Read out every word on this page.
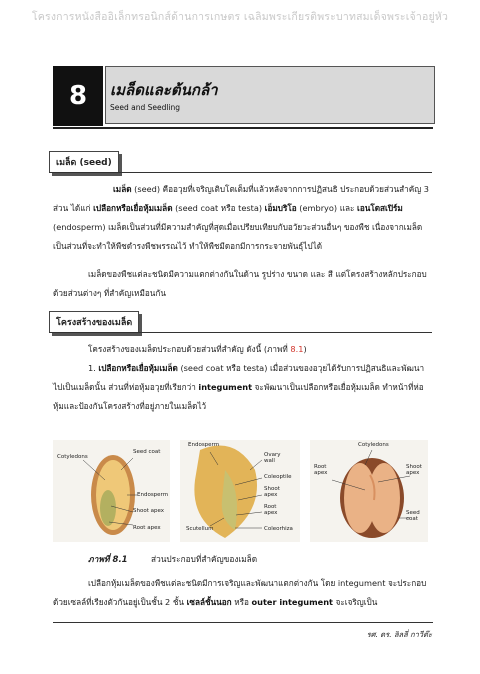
โครงการหนังสืออิเล็กทรอนิกส์ด้านการเกษตร เฉลิมพระเกียรติพระบาทสมเด็จพระเจ้าอยู่หัว
8	เมล็ดและต้นกล้า
Seed and Seedling
เมล็ด (seed)
เมล็ด (seed) คืออวุยที่เจริญเติบโตเต็มที่แล้วหลังจากการปฏิสนธิ ประกอบด้วยส่วนสำคัญ 3 ส่วน ได้แก่ เปลือกหรือเยื่อหุ้มเมล็ด (seed coat หรือ testa) เอ็มบริโอ (embryo) และ เอนโดสเปิร์ม (endosperm) เมล็ดเป็นส่วนที่มีความสำคัญที่สุดเมื่อเปรียบเทียบกับอวัยวะส่วนอื่นๆ ของพืช เนื่องจากเมล็ดเป็นส่วนที่จะทำให้พืชดำรงพืชพรรณไว้ ทำให้พืชมีดอกมีการกระจายพันธุ์ไปได้
เมล็ดของพืชแต่ละชนิดมีความแตกต่างกันในด้าน รูปร่าง ขนาด และ สี แต่โครงสร้างหลักประกอบด้วยส่วนต่างๆ ที่สำคัญเหมือนกัน
โครงสร้างของเมล็ด
โครงสร้างของเมล็ดประกอบด้วยส่วนที่สำคัญ ดังนี้ (ภาพที่ 8.1)
1. เปลือกหรือเยื่อหุ้มเมล็ด (seed coat หรือ testa) เมื่อส่วนของอวุยได้รับการปฏิสนธิและพัฒนาไปเป็นเมล็ดนั้น ส่วนที่ห่อหุ้มอวุยที่เรียกว่า integument จะพัฒนาเป็นเปลือกหรือเยื่อหุ้มเมล็ด ทำหน้าที่ห่อหุ้มและป้องกันโครงสร้างที่อยู่ภายในเมล็ดไว้
Cotyledons
Seed coat
Endosperm
Shoot apex
Root apex
Endosperm
Ovary wall
Coleoptile
Shoot apex
Root apex
Scutellum	Coleorhiza
Cotyledons
Root apex
Shoot apex
Seed coat
ภาพที่ 8.1	ส่วนประกอบที่สำคัญของเมล็ด
เปลือกหุ้มเมล็ดของพืชแต่ละชนิดมีการเจริญและพัฒนาแตกต่างกัน โดย integument จะประกอบด้วยเซลล์ที่เรียงตัวกันอยู่เป็นชั้น 2 ชั้น เซลล์ชั้นนอก หรือ outer integument จะเจริญเป็น
รศ. ดร. ลิลลี่ กาวีต๊ะ
